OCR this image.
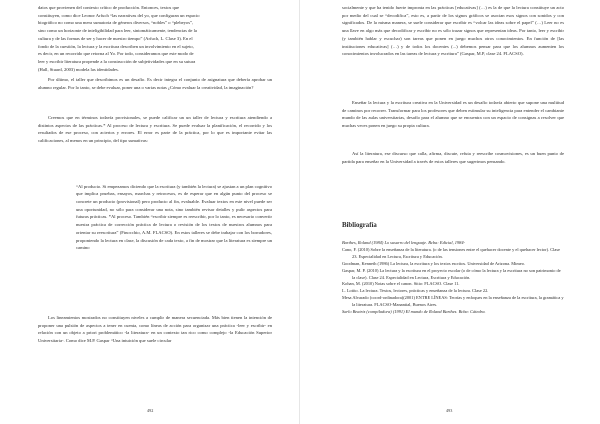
datos que provienen del contexto crítico de producción. Entonces, textos que

constituyen, como dice Leonor Arfuch “las narrativas del yo, que configuran un espacio

biográfico no como una mera sumatoria de géneros diversos, “nobles” o “plebeyos”,

sino como un horizonte de inteligibilidad para leer, sintomáticamente, tendencias de la

cultura y de las formas de ser y hacer de nuestro tiempo” (Arfuch, L. Clase 3). En el

fondo de la cuestión, la lectura y la escritura describen un involvimiento en el sujeto,

es decir, en un recorrido que retorna al Yo. Por todo, consideramos que este modo de

leer y escribir literatura propende a la construcción de subjetividades que en su sutura

(Hall, Stuard, 2003) modela las identidades.

Por último, el taller que describimos es un desafío. Es decir integra el conjunto de asignatura que debería aprobar un alumno regular. Por lo tanto, se debe evaluar, poner una o varias notas ¿Cómo evaluar la creatividad, la imaginación?

Creemos que en términos todavía provisionales, se puede calificar un un taller de lectura y escritura atendiendo a distintos aspectos de las prácticas.* Al proceso de lectura y escritura. Se puede evaluar la planificación, el recorrido y los resultados de ese proceso, con aciertos y errores. El error es parte de la práctica, por lo que es importante evitar las calificaciones, al menos en un principio, del tipo sumativas:

“Al producto. Si empezamos diciendo que la escritura (y también la lectura) se ajustan a un plan cognitivo que implica pruebas, ensayos, marchas y retrocesos, es de esperar que en algún punto del proceso se concrete un producto (provisional) pero producto al fin, evaluable. Evaluar textos en este nivel puede ser una oportunidad, no sólo para considerar una nota, sino también revisar detalles y pulir aspectos para futuras prácticas. *Al proceso. También “escribir siempre es reescribir, por lo tanto, es necesario convertir nuestra práctica de corrección práctica de lectura o revisión de los textos de nuestros alumnos para orientar su reescritura” (Finocchio, A.M. FLACSO). En estos talleres se debe trabajar con los borradores, proponiendo la lectura en clase, la discusión de cada texto, a fin de mostrar que la literatura es siempre un camino

Los lineamientos mostrados no constituyen niveles a cumplir de manera secuenciada. Más bien tienen la intención de proponer una pulsión de aspectos a tener en cuenta, como líneas de acción para organizar una práctica -leer y escribir- en relación con un objeto a priori problemático -la literatura- en un contexto tan rico como complejo -la Educación Superior Universitaria-. Como dice M.P. Gaspar “Una intuición que suele circular

492

socialmente y que ha tenido fuerte impronta en las prácticas [educativas] (…) es la de que la lectura constituye un acto por medio del cual se “decodifica”, esto es, a partir de los signos gráficos se asocian esos signos con sonidos y con significados. De la misma manera, se suele considerar que escribir es “volcar las ideas sobre el papel” (…) Leer no es una llave en algo más que decodificar y escribir no es sólo trazar signos que representan ideas. Por tanto, leer y escribir (y también hablar y escuchar) son tareas que ponen en juego muchos otros conocimientos. En función de [las instituciones educativas] (…) y de todos los docentes (...) debemos pensar para que los alumnos aumenten los conocimientos involucrados en las tareas de lectura y escritura” (Gaspar, M.P, clase 24. FLACSO).

Enseñar la lectura y la escritura creativa en la Universidad es un desafío todavía abierto que supone una multitud de caminos por recorrer. Transformar para los profesores que deben estimular su inteligencia para entender el cambiante mundo de las aulas universitarias, desafío para el alumno que se encuentra con un espacio de consignas a resolver que muchas veces ponen en juego su propia cultura.

Así la literatura, ese discurso que calla, afirma, discute, refuta y reescribe cosmovisiones, es un buen punto de partida para enseñar en la Universidad a través de estos talleres que sugerimos pensando.

Bibliografía

Barthes, Roland (1984) Lo susurro del lenguaje. Bcba: Edicial, 1984-

Cano, F. (2010) Sobre la enseñanza de la literatura. (o de las tensiones entre el quehacer docente y el quehacer lector). Clase 23. Especialidad en Lectura, Escritura y Educación.

Goodman, Kenneth (1986) La lectura, la escritura y los textos escritos. Universidad de Arizona. Mimeo.

Gaspar, M. P. (2010) La lectura y la escritura en el proyecto escolar (o de cómo la lectura y la escritura no son patrimonio de la clase). Clase 24. Especialidad en Lectura, Escritura y Educación.

Kohan, M. (2010) Notas sobre el canon. Sitio: FLACSO. Clase 11.

L. Lotito. La lectura. Textos, lectores, prácticas y enseñanza de la lectura. Clase 22.

Mesa Alvarado (coord-ordinadora)(2001) ENTRE LÍNEAS: Teorías y enfoques en la enseñanza de la escritura, la gramática y la literatura. FLACSO-Manantial, Buenos Aires.

Sarlo Beatriz (compiladora) (1991) El mundo de Roland Barthes. Bcba: Cátedra.

493
